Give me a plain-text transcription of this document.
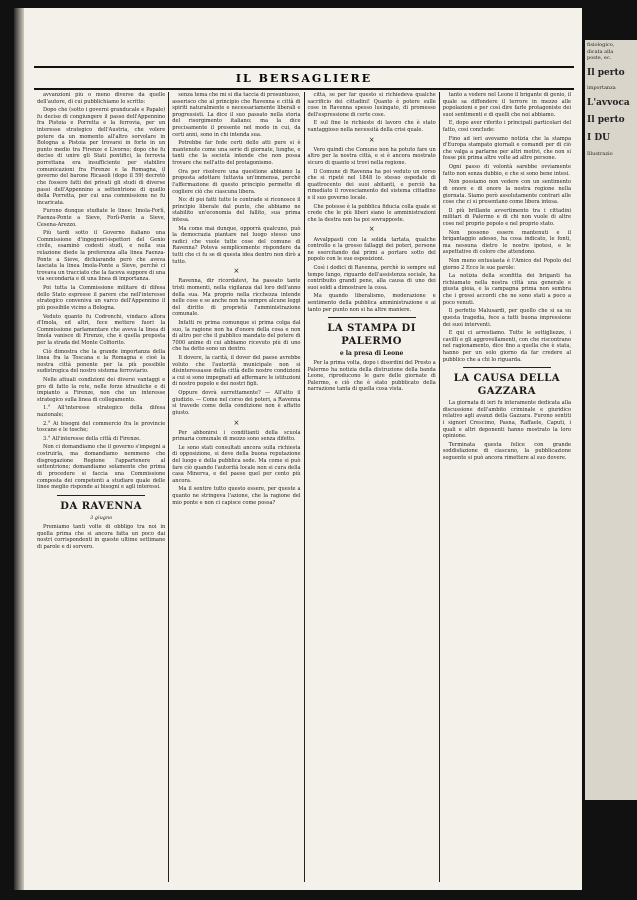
IL BERSAGLIERE

avvanzioni più o meno diverse da quelle dell'autore, di cui pubblichiamo lo scritto:

Dopo che (sotto i governi granducale e Papale) fu deciso di congiungere il passo dell'Appennino fra Pistoia e Porretta e la ferrovia, per un interesse strategico dell'Austria, che volere potere da un momento all'altro sorvolare in Bologna a Pistoia per trovarsi in forte in un punto medio tra Firenze e Livorno; dopo che fu deciso di unire gli Stati pontifici, la ferrovia porrettana era insufficiente per stabilire comunicazioni fra Firenze e la Romagna, il governo del barone Ricasoli (dopo il 59) decretò che fossero fatti dei privati gli studi di diverse passi dell'Appennino a settentrione di quello della Porretta, per cui una commissione ne fu incaricata.

Furono dunque studiate le linee: Imola-Forlì, Faenza-Ponte a Sieve, Forlì-Ponte a Sieve, Cesena-Arezzo.

Più tardi sotto il Governo italiano una Commissione d'ingegneri-ispettori del Genio civile, esaminò codesti studi, e nella sua relazione diede la preferenza alla linea Faenza-Ponte a Sieve, dichiarando però che aveva lasciata la linea Imola-Ponte a Sieve, perchè ci trovava un tracciato che la faceva suppore di una via secondaria e di una linea di importanza.

Poi tutta la Commissione militare di difesa dello Stato espresse il parere che nell'interesse strategico conveniva un varco dell'Appennino il più possibile vicino a Bologna.

Veduto quanto fu Codronchi, vindaco allora d'Imola, ed altri, fece mettere fuori la Commissione parlamentare che aveva la linea di Imola vanisce di Firenze, che è quella preposta per la strada del Monte Colfiorito.

Ciò dimostra che la grande importanza della linea fra la Toscana e la Romagna e cioè la nostra città ponente per la più possibile sudistrogica del nostro sistema ferroviario.

Nelle attuali condizioni dei diversi vantaggi e pro di fatto la rete, nelle forze idrauliche e di impianto a Firenze, non che un interesse strategico sulla linea di collegamento.

1.° All'interesse strategico della difesa nazionale;

2.° Ai bisogni del commercio fra le provincie toscane e le tosche;

3.° All'interesse della città di Firenze.

Non ci domandiamo che il governo s'impegni a costruirla, ma domandiamo nemmeno che disgregazione Regione l'appartenere al settentrione; domandiamo solamente che prima di procedere si faccia una Commissione composta dei competenti a studiare quale delle linee meglio risponde ai bisogni e agli interessi.

DA RAVENNA
3 giugno

Premiamo tanti volte di obbligo tra noi in quella prima che si ancora fatta un poco dai nostri corrispondenti in queste ultime settimane di parole e di sorvero.

senza tema che mi si dia taccia di prosuntuoso, asserisco che al principio che Ravenna e città di spiriti naturalmente e necessariamente liberali e progressisti. La dice il suo passato nella storia del risorgimento italiano; ma la dice precisamente il presente nel modo in cui, da certi anni, sono in chi intenda sua.

Potrebbe far fede certi dello atti pure si è mantenute come una serie di giornate, lunghe, e tanti che la società intende che non possa trovare che nell'atto del protagonismo.

Ora per risolvere una questione abbiamo la proposta adottare tuttavia un'immensa, perchè l'affermazione di questo principio permette di cogliere ciò che ciascuna libera.

No: di poi fatti tutte le contrade si riconosce il principio liberale dal punto, che abbiamo ne stabilito un'economia del fallito, sua prima intesa.

Ma come mai dunque, opporrà qualcuno, può la democrazia piantare nel luogo stesso uno radici che vuole tutte cose del comune di Ravenna? Poteva semplicemente rispondere da tutti che ci fu se di questa idea dentro non dirò a tutto.

×

Ravenna, dir ricordatevi, ha passato tante tristi momenti, nella vigilanza dal loro dell'anno della sua. Ma proprio nella ricchezza intende nelle cose e se anche non ha sempre alcune leggi del diritto di proprietà l'amministrazione comunale.

Infatti re prima comunque si prima colga dal suo, la ragione non ha d'onore della cosa e non di altro per che il pubblico mandato del potere di 7000 anime di cui abbiamo ricevuto più di uno che ha detto sono un dentro.

Il dovere, la carità, il dover del paese avrebbe voluto che l'autorità municipale non si disinteressasse della città delle nostre condizioni a cui si sono impegnati ad affermare le istituzioni di nostro popolo e dei nostri figli.

Oppure dovrà surrettamente? — All'atto il giudizio. — Come nel corso dei poteri, a Ravenna si travede come della condizione non è affatto giusto.

×

Per abbonirsi i conditianti della scuola primaria comunale di mezzo sono senza difetto.

Le sono stati consultati ancora sulla richiesta di opposizione, si deve della buona reputazione del luogo e della pubblica sede. Ma come si può fare ciò quando l'autorità locale non si cura della casa Minerva, e del paese quel per cento più ancora.

Ma il sentire tutto questo essere, per queste a quanto ne stringeva l'azione, che la ragione del mio ponte e non ci capisce come possa?

città, se per far questo si richiedeva qualche sacrificio dei cittadini! Quanto è potere sulle cose in Ravenna spesso lusingato, di promesso dell'espressione di certe cose.

E sul fine le richieste di lavoro che è stato vantaggioso nella necessità della crisi quale.

×

Vero quindi che Comune non ha potuto fare un altro per la nostra città, e si è ancora mostrato sicuro di quanto si trovi nella regione.

Il Comune di Ravenna ha poi veduto un corso che si ripeté nel 1848 lo stesso ospedale di quattrocento dei suoi abitanti, e perciò ha rimediato il rovesciamento del sistema cittadino e il suo governo locale.

Che potesse è la pubblica fiducia colla quale si crede che le più liberi siano le amministrazioni che la destra non ha poi sovrapposte.

×

Avvalppasti con la solida tartata, qualche controllo e la grosso fallaggi dei poteri, persone ne esercitando dai primi a portare sotto del popolo con le sue esposizioni.

Così i dodici di Ravenna, perchè io sempre sul tempo lungo, riguardo dell'assistenza sociale, ha contribuito grandi pene, alla causa di uno dei suoi soldi a dimostrare la cosa.

Ma quando liberalismo, moderazione e sentimento della pubblica amministrazione e ai tanto per punto non si ha altre maniere.

LA STAMPA DI PALERMO
e la presa di Leone

Per la prima volta, dopo i disordini del Presto a Palermo ha notizia della distruzione della banda Leone, riproducono le gare delle giornate di Palermo, e ciò che è stato pubblicato della narrazione tanta di quella cosa vista.

tanto a vedere nel Leone il brigante di genio, il quale sa diffondere il terrore in mezzo alle popolazioni e per così dire farle protagoniste dei suoi sentimenti e di quelli che noi abbiamo.

E, dopo aver riferito i principali particolari del fatto, così conclude:

Fino ad ieri avevamo notizia che la stampa d'Europa stampato giornali e comandi per di ciò che valga a parlarne per altri motivi, che non si fosse più prima altre volte ad altre persone.

Ogni passo di volontà sarebbe ovviamente fatto non senza dubbio, e che si sono bene intesi.

Non possiamo non vedere con un sentimento di onore e di onore la nostra regione nella giornata. Siamo però assolutamente contrari alle cose che ci si presentano come libera intesa.

Il più brillante avvertimento tra i cittadini militari di Palermo e di chi non vuole di altre cose nel proprio popolo e nel proprio stato.

Non possono essere mantenuti e il brigantaggio adesso, ha cosa indicato, le fonti, ma nessuna dietro le nostre ipotesi, e le aspettative di coloro che attendono.

Non meno entusiasta è l'Amico del Popolo del giorno 2 Ecco le sue parole:

La notizia della sconfitta dei briganti ha richiamato nella nostra città una generale e giusta gioia, e la campagna prima non sembra che i grossi accordi che ne sono stati a poco a poco venuti.

Il perfetto Malusardi, per quello che si sa su questa tragedia, fece a tutti buona impressione dei suoi interventi.

E qui ci arrestiamo. Tutte le sottigliezze, i cavilli e gli aggrovellamenti, con che riscontrano nel ragionamento, dice fino a quella che è stata, hanno per un solo giorno da far credere al pubblico che a chi lo riguarda.

LA CAUSA DELLA GAZZARA

La giornata di ieri fu interamente dedicata alla discussione dell'ambito criminale e giuridico relativo agli avanzi della Gazzara. Furono sentiti i signori Crescimo, Pasna, Raffaele, Caputi, i quali e altri deponenti hanno mostrato la loro opinione.

Terminata questa felice con grande soddisfazione di ciascuno, la pubblicazione seguente si può ancora rimettere al suo dovere.

fisiologico,
dicata alla
poste, ec.
Il perto
importanza
L'avvoca
Il perto
I DU
Illustrazio
